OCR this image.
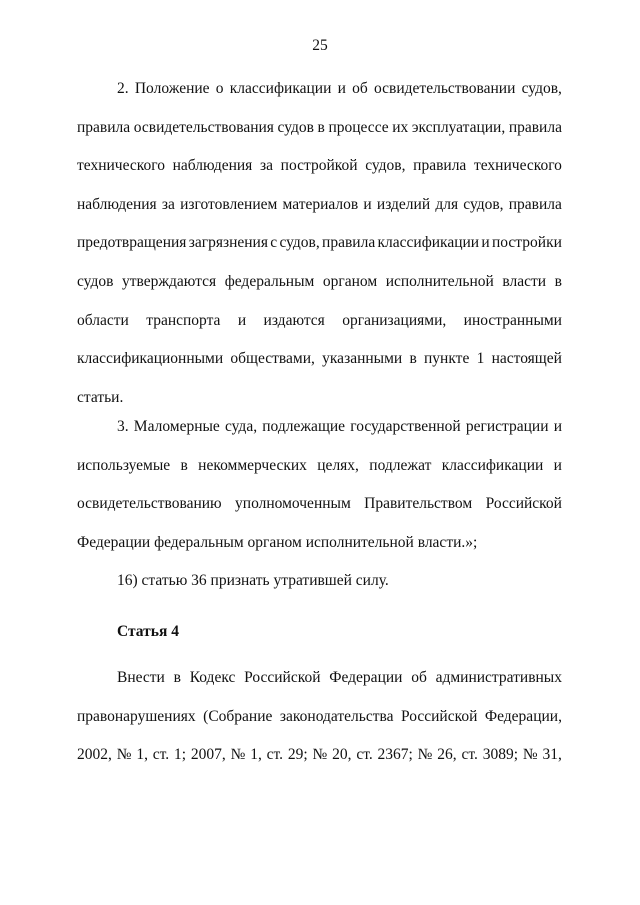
25
2. Положение о классификации и об освидетельствовании судов,
правила освидетельствования судов в процессе их эксплуатации, правила
технического наблюдения за постройкой судов, правила технического
наблюдения за изготовлением материалов и изделий для судов, правила
предотвращения загрязнения с судов, правила классификации и постройки
судов утверждаются федеральным органом исполнительной власти в
области транспорта и издаются организациями, иностранными
классификационными обществами, указанными в пункте 1 настоящей
статьи.
3. Маломерные суда, подлежащие государственной регистрации и
используемые в некоммерческих целях, подлежат классификации и
освидетельствованию уполномоченным Правительством Российской
Федерации федеральным органом исполнительной власти.»;
16) статью 36 признать утратившей силу.
Статья 4
Внести в Кодекс Российской Федерации об административных
правонарушениях (Собрание законодательства Российской Федерации,
2002, № 1, ст. 1; 2007, № 1, ст. 29; № 20, ст. 2367; № 26, ст. 3089; № 31,
